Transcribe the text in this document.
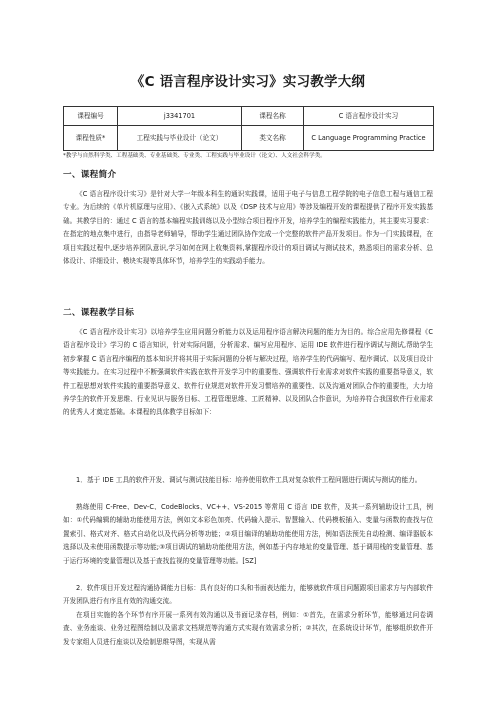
《C 语言程序设计实习》实习教学大纲
课程编号	j3341701	课程名称	C 语言程序设计实习
课程性质*	工程实践与毕业设计（论文）	类文名称	C Language Programming Practice
*教学与自然科学类、工程基础类、专业基础类、专业类、工程实践与毕业设计（论文）、人文社会科学类。
一、课程简介
《C 语言程序设计实习》是针对大学一年级本科生的通识实践课，适用于电子与信息工程学院的电子信息工程与通信工程专业。为后续的《单片机原理与应用》、《嵌入式系统》以及《DSP 技术与应用》等涉及编程开发的课程提供了程序开发实践基础。其教学目的：通过 C 语言的基本编程实践训练以及小型综合项目程序开发，培养学生的编程实践能力，其主要实习要求：在指定的地点集中进行，由指导老师辅导，帮助学生通过团队协作完成一个完整的软件产品开发项目。作为一门实践课程，在项目实践过程中,逐步培养团队意识,学习如何在网上收集资料,掌握程序设计的项目调试与测试技术，熟悉项目的需求分析、总体设计、详细设计、模块实现等具体环节，培养学生的实践动手能力。
二、课程教学目标
《C 语言程序设计实习》以培养学生应用问题分析能力以及运用程序语言解决问题的能力为目的。综合应用先修课程《C 语言程序设计》学习的 C 语言知识，针对实际问题，分析需求、编写应用程序、运用 IDE 软件进行程序调试与测试,帮助学生初步掌握 C 语言程序编程的基本知识并将其用于实际问题的分析与解决过程，培养学生的代码编写、程序调试、以及项目设计等实践能力。在实习过程中不断强调软件实践在软件开发学习中的重要性、强调软件行业需求对软件实践的重要指导意义，软件工程思想对软件实践的重要指导意义、软件行业规范对软件开发习惯培养的重要性、以及沟通对团队合作的重要性，大力培养学生的软件开发思维、行业见识与服务目标、工程管理思维、工匠精神、以及团队合作意识，为培养符合我国软件行业需求的优秀人才奠定基础。本课程的具体教学目标如下：
1．基于 IDE 工具的软件开发、调试与测试技能目标：培养使用软件工具对复杂软件工程问题进行调试与测试的能力。
熟练使用 C-Free、Dev-C、CodeBlocks、VC++、VS-2015 等常用 C 语言 IDE 软件，及其一系列辅助设计工具，例如：①代码编辑的辅助功能使用方法，例如文本彩色加亮、代码输入提示、智慧输入、代码模板插入、变量与函数的查找与位置索引、格式对齐、格式自动化以及代码分析等功能；②项目编译的辅助功能使用方法，例如语法预先自动检测、编译器版本选择以及未使用函数提示等功能;③项目调试的辅助功能使用方法，例如基于内存地址的变量管理、基于调用栈的变量管理、基于运行环境的变量管理以及基于查找监视的变量管理等功能。[SZ]
2．软件项目开发过程沟通协调能力目标：具有良好的口头和书面表达能力，能够就软件项目问题跟项目需求方与内部软件开发团队进行有序且有效的沟通交流。
在项目实施的各个环节有序开展一系列有效沟通以及书面记录存档，例如：①首先，在需求分析环节，能够通过问卷调查、业务座谈、业务过程图绘制以及需求文档规范等沟通方式实现有效需求分析；②其次，在系统设计环节，能够组织软件开发专家组人员进行座谈以及绘制思维导图，实现从需
